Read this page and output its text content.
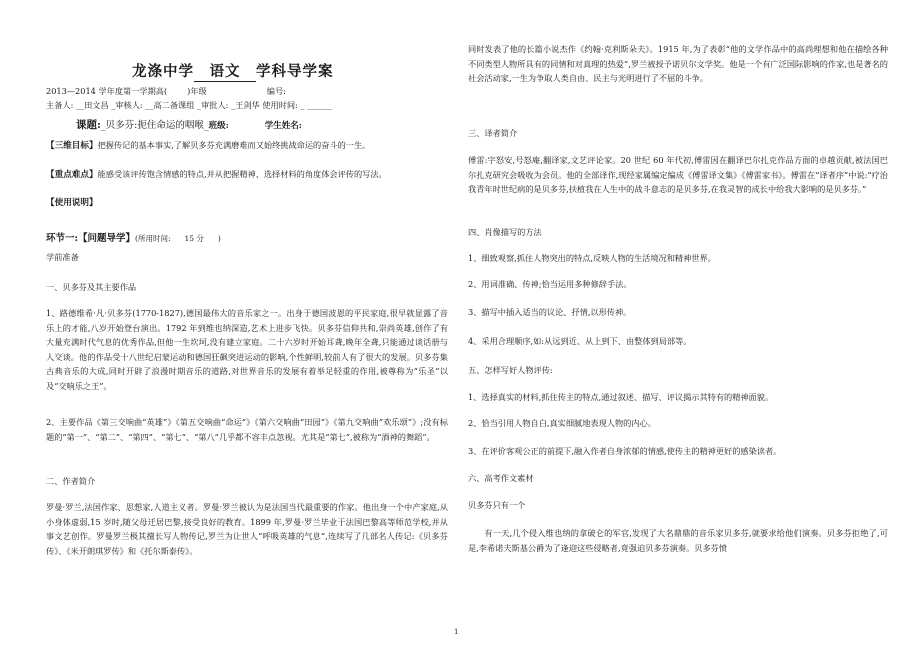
龙涤中学 语文 学科导学案
2013—2014 学年度第一学期高( )年级	编号:
主备人: __田文昌 _审核人: __高二备课组 _审批人: _王剑华 使用时间: _ ______
课题:_贝多芬:扼住命运的咽喉_班级:	学生姓名:
【三维目标】把握传记的基本事实,了解贝多芬充满磨难而又始终挑战命运的奋斗的一生。
【重点难点】能感受该评传饱含情感的特点,并从把握精神、选择材料的角度体会评传的写法。
【使用说明】
环节一:【问题导学】(所用时间: 15 分 )
学前准备
一、贝多芬及其主要作品
1、路德维希·凡·贝多芬(1770-1827),德国最伟大的音乐家之一。出身于德国波恩的平民家庭,很早就显露了音乐上的才能,八岁开始登台演出。1792 年到维也纳深造,艺术上进步飞快。贝多芬信仰共和,崇尚英雄,创作了有大量充满时代气息的优秀作品,但他一生坎坷,没有建立家庭。二十六岁时开始耳聋,晚年全聋,只能通过谈话册与人交谈。他的作品受十八世纪启蒙运动和德国狂飙突进运动的影响,个性鲜明,较前人有了很大的发展。贝多芬集古典音乐的大成,同时开辟了浪漫时期音乐的道路,对世界音乐的发展有着举足轻重的作用,被尊称为“乐圣”以及“交响乐之王”。
2、主要作品《第三交响曲“英雄”》《第五交响曲“命运”》《第六交响曲“田园”》《第九交响曲“欢乐颂”》;没有标题的“第一”、“第二”、“第四”、“第七”、“第八”几乎都不容丰点忽视。尤其是“第七”,被称为“酒神的舞蹈”。
二、作者简介
罗曼·罗兰,法国作家、思想家,人道主义者。罗曼·罗兰被认为是法国当代最重要的作家。他出身一个中产家庭,从小身体虚弱,15 岁时,随父母迁居巴黎,接受良好的教育。1899 年,罗曼·罗兰毕业于法国巴黎高等师范学校,并从事文艺创作。罗曼罗兰极其擅长写人物传记,罗兰为让世人“呼吸英雄的气息”,连续写了几部名人传记:《贝多芬传》、《米开朗琪罗传》和《托尔斯泰传》。
同时发表了他的长篇小说杰作《约翰·克利斯朵夫》。1915 年,为了表彰“他的文学作品中的高尚理想和他在描绘各种不同类型人物所具有的同情和对真理的热爱”,罗兰被授予诺贝尔文学奖。他是一个有广泛国际影响的作家,也是著名的社会活动家,一生为争取人类自由、民主与光明进行了不屈的斗争。
三、译者简介
傅雷:字怒安,号怒庵,翻译家,文艺评论家。20 世纪 60 年代初,傅雷因在翻译巴尔扎克作品方面的卓越贡献,被法国巴尔扎克研究会吸收为会员。他的全部译作,现经家属编定编成《傅雷译文集》《傅雷家书》。傅雷在“译者序”中说:“疗治我青年时世纪病的是贝多芬,扶植我在人生中的战斗意志的是贝多芬,在我灵智的成长中给我大影响的是贝多芬。”
四、肖像描写的方法
1、细致观察,抓住人物突出的特点,反映人物的生活境况和精神世界。
2、用词准确、传神;恰当运用多种修辞手法。
3、描写中插入适当的议论、抒情,以形传神。
4、采用合理顺序,如:从远到近、从上到下、由整体到局部等。
五、怎样写好人物评传:
1、选择真实的材料,抓住传主的特点,通过叙述、描写、评议揭示其特有的精神面貌。
2、恰当引用人物自白,真实细腻地表现人物的内心。
3、在评价客观公正的前提下,融入作者自身浓郁的情感,使传主的精神更好的感染读者。
六、高考作文素材
贝多芬只有一个
有一天,几个侵入维也纳的拿破仑的军官,发现了大名鼎鼎的音乐家贝多芬,就要求给他们演奏。贝多芬拒绝了,可是,李希诺夫斯基公爵为了逢迎这些侵略者,竟强迫贝多芬演奏。贝多芬愤
1
